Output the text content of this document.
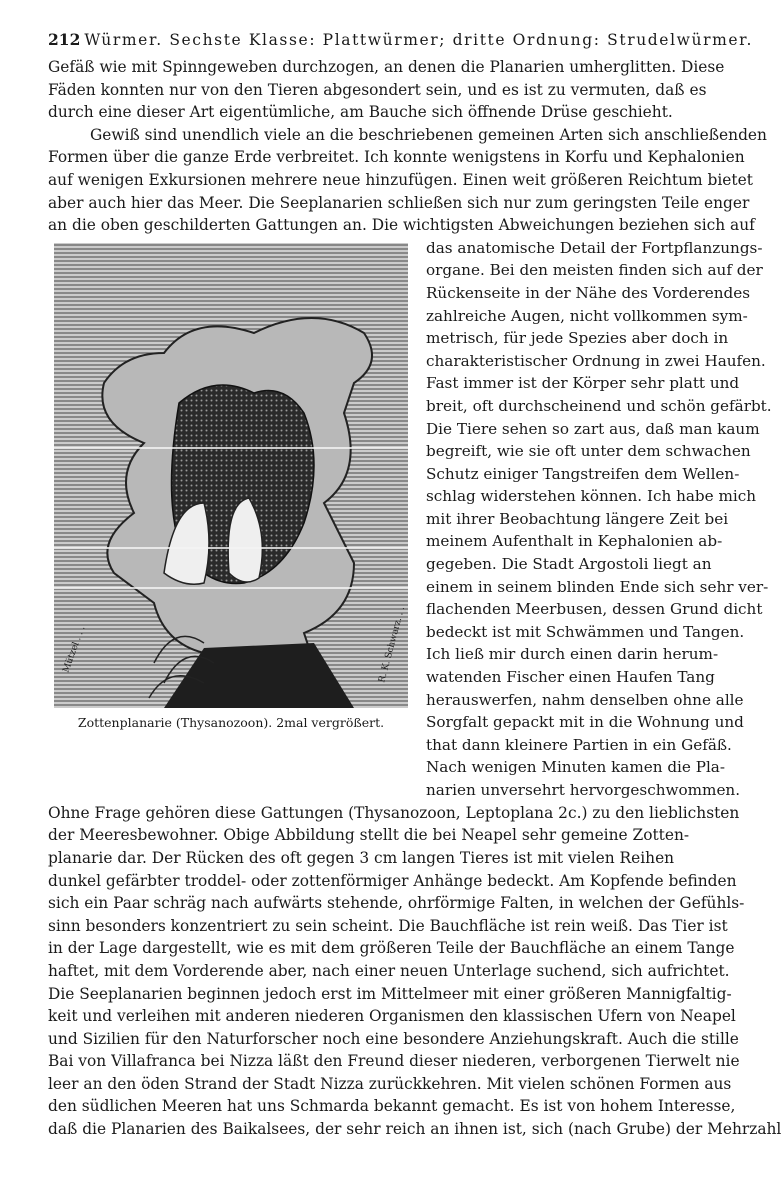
212 Würmer. Sechste Klasse: Plattwürmer; dritte Ordnung: Strudelwürmer.
Gefäß wie mit Spinngeweben durchzogen, an denen die Planarien umherglitten. Diese
Fäden konnten nur von den Tieren abgesondert sein, und es ist zu vermuten, daß es
durch eine dieser Art eigentümliche, am Bauche sich öffnende Drüse geschieht.
Gewiß sind unendlich viele an die beschriebenen gemeinen Arten sich anschließenden
Formen über die ganze Erde verbreitet. Ich konnte wenigstens in Korfu und Kephalonien
auf wenigen Exkursionen mehrere neue hinzufügen. Einen weit größeren Reichtum bietet
aber auch hier das Meer. Die Seeplanarien schließen sich nur zum geringsten Teile enger
an die oben geschilderten Gattungen an. Die wichtigsten Abweichungen beziehen sich auf
Mützel . . .	R. K. Schwarz. . .
Zottenplanarie (Thysanozoon). 2mal vergrößert.
das anatomische Detail der Fortpflanzungs-
organe. Bei den meisten finden sich auf der
Rückenseite in der Nähe des Vorderendes
zahlreiche Augen, nicht vollkommen sym-
metrisch, für jede Spezies aber doch in
charakteristischer Ordnung in zwei Haufen.
Fast immer ist der Körper sehr platt und
breit, oft durchscheinend und schön gefärbt.
Die Tiere sehen so zart aus, daß man kaum
begreift, wie sie oft unter dem schwachen
Schutz einiger Tangstreifen dem Wellen-
schlag widerstehen können. Ich habe mich
mit ihrer Beobachtung längere Zeit bei
meinem Aufenthalt in Kephalonien ab-
gegeben. Die Stadt Argostoli liegt an
einem in seinem blinden Ende sich sehr ver-
flachenden Meerbusen, dessen Grund dicht
bedeckt ist mit Schwämmen und Tangen.
Ich ließ mir durch einen darin herum-
watenden Fischer einen Haufen Tang
herauswerfen, nahm denselben ohne alle
Sorgfalt gepackt mit in die Wohnung und
that dann kleinere Partien in ein Gefäß.
Nach wenigen Minuten kamen die Pla-
narien unversehrt hervorgeschwommen.
Ohne Frage gehören diese Gattungen (Thysanozoon, Leptoplana 2c.) zu den lieblichsten
der Meeresbewohner. Obige Abbildung stellt die bei Neapel sehr gemeine Zotten-
planarie dar. Der Rücken des oft gegen 3 cm langen Tieres ist mit vielen Reihen
dunkel gefärbter troddel- oder zottenförmiger Anhänge bedeckt. Am Kopfende befinden
sich ein Paar schräg nach aufwärts stehende, ohrförmige Falten, in welchen der Gefühls-
sinn besonders konzentriert zu sein scheint. Die Bauchfläche ist rein weiß. Das Tier ist
in der Lage dargestellt, wie es mit dem größeren Teile der Bauchfläche an einem Tange
haftet, mit dem Vorderende aber, nach einer neuen Unterlage suchend, sich aufrichtet.
Die Seeplanarien beginnen jedoch erst im Mittelmeer mit einer größeren Mannigfaltig-
keit und verleihen mit anderen niederen Organismen den klassischen Ufern von Neapel
und Sizilien für den Naturforscher noch eine besondere Anziehungskraft. Auch die stille
Bai von Villafranca bei Nizza läßt den Freund dieser niederen, verborgenen Tierwelt nie
leer an den öden Strand der Stadt Nizza zurückkehren. Mit vielen schönen Formen aus
den südlichen Meeren hat uns Schmarda bekannt gemacht. Es ist von hohem Interesse,
daß die Planarien des Baikalsees, der sehr reich an ihnen ist, sich (nach Grube) der Mehrzahl
